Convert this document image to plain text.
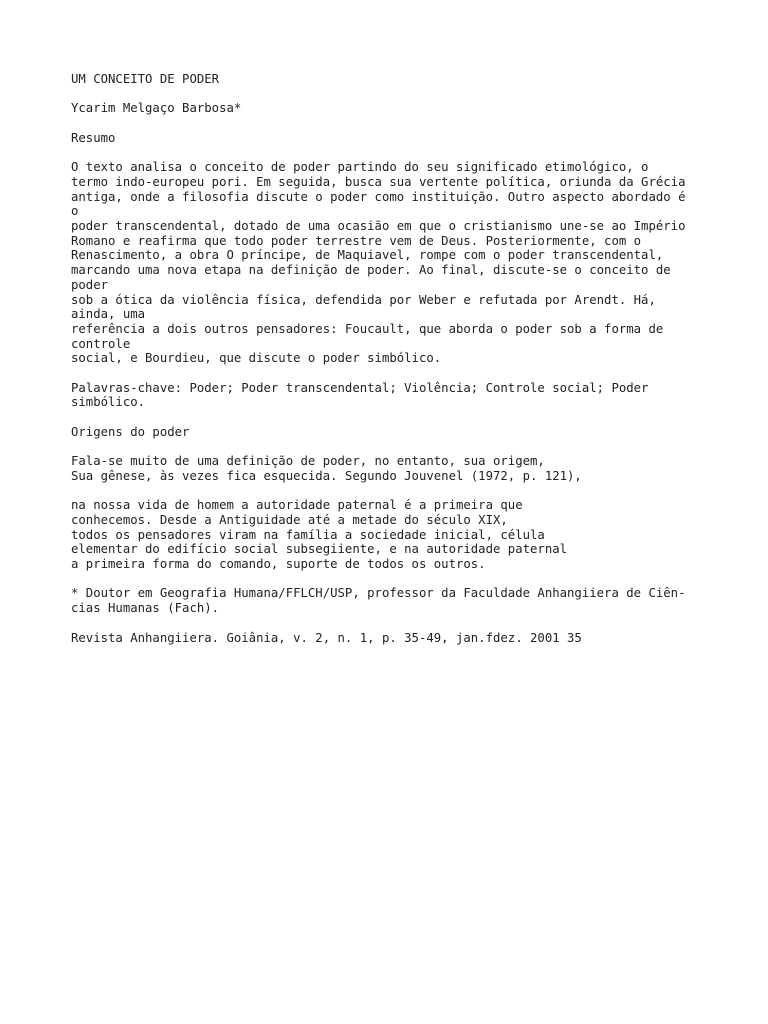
UM CONCEITO DE PODER
Ycarim Melgaço Barbosa*
Resumo
O texto analisa o conceito de poder partindo do seu significado etimológico, o
termo indo-europeu pori. Em seguida, busca sua vertente política, oriunda da Grécia
antiga, onde a filosofia discute o poder como instituição. Outro aspecto abordado é
o
poder transcendental, dotado de uma ocasião em que o cristianismo une-se ao Império
Romano e reafirma que todo poder terrestre vem de Deus. Posteriormente, com o
Renascimento, a obra O príncipe, de Maquiavel, rompe com o poder transcendental,
marcando uma nova etapa na definição de poder. Ao final, discute-se o conceito de
poder
sob a ótica da violência física, defendida por Weber e refutada por Arendt. Há,
ainda, uma
referência a dois outros pensadores: Foucault, que aborda o poder sob a forma de
controle
social, e Bourdieu, que discute o poder simbólico.
Palavras-chave: Poder; Poder transcendental; Violência; Controle social; Poder
simbólico.
Origens do poder
Fala-se muito de uma definição de poder, no entanto, sua origem,
Sua gênese, às vezes fica esquecida. Segundo Jouvenel (1972, p. 121),
na nossa vida de homem a autoridade paternal é a primeira que
conhecemos. Desde a Antiguidade até a metade do século XIX,
todos os pensadores viram na família a sociedade inicial, célula
elementar do edifício social subsegiiente, e na autoridade paternal
a primeira forma do comando, suporte de todos os outros.
* Doutor em Geografia Humana/FFLCH/USP, professor da Faculdade Anhangiiera de Ciên-
cias Humanas (Fach).
Revista Anhangiiera. Goiânia, v. 2, n. 1, p. 35-49, jan.fdez. 2001 35
